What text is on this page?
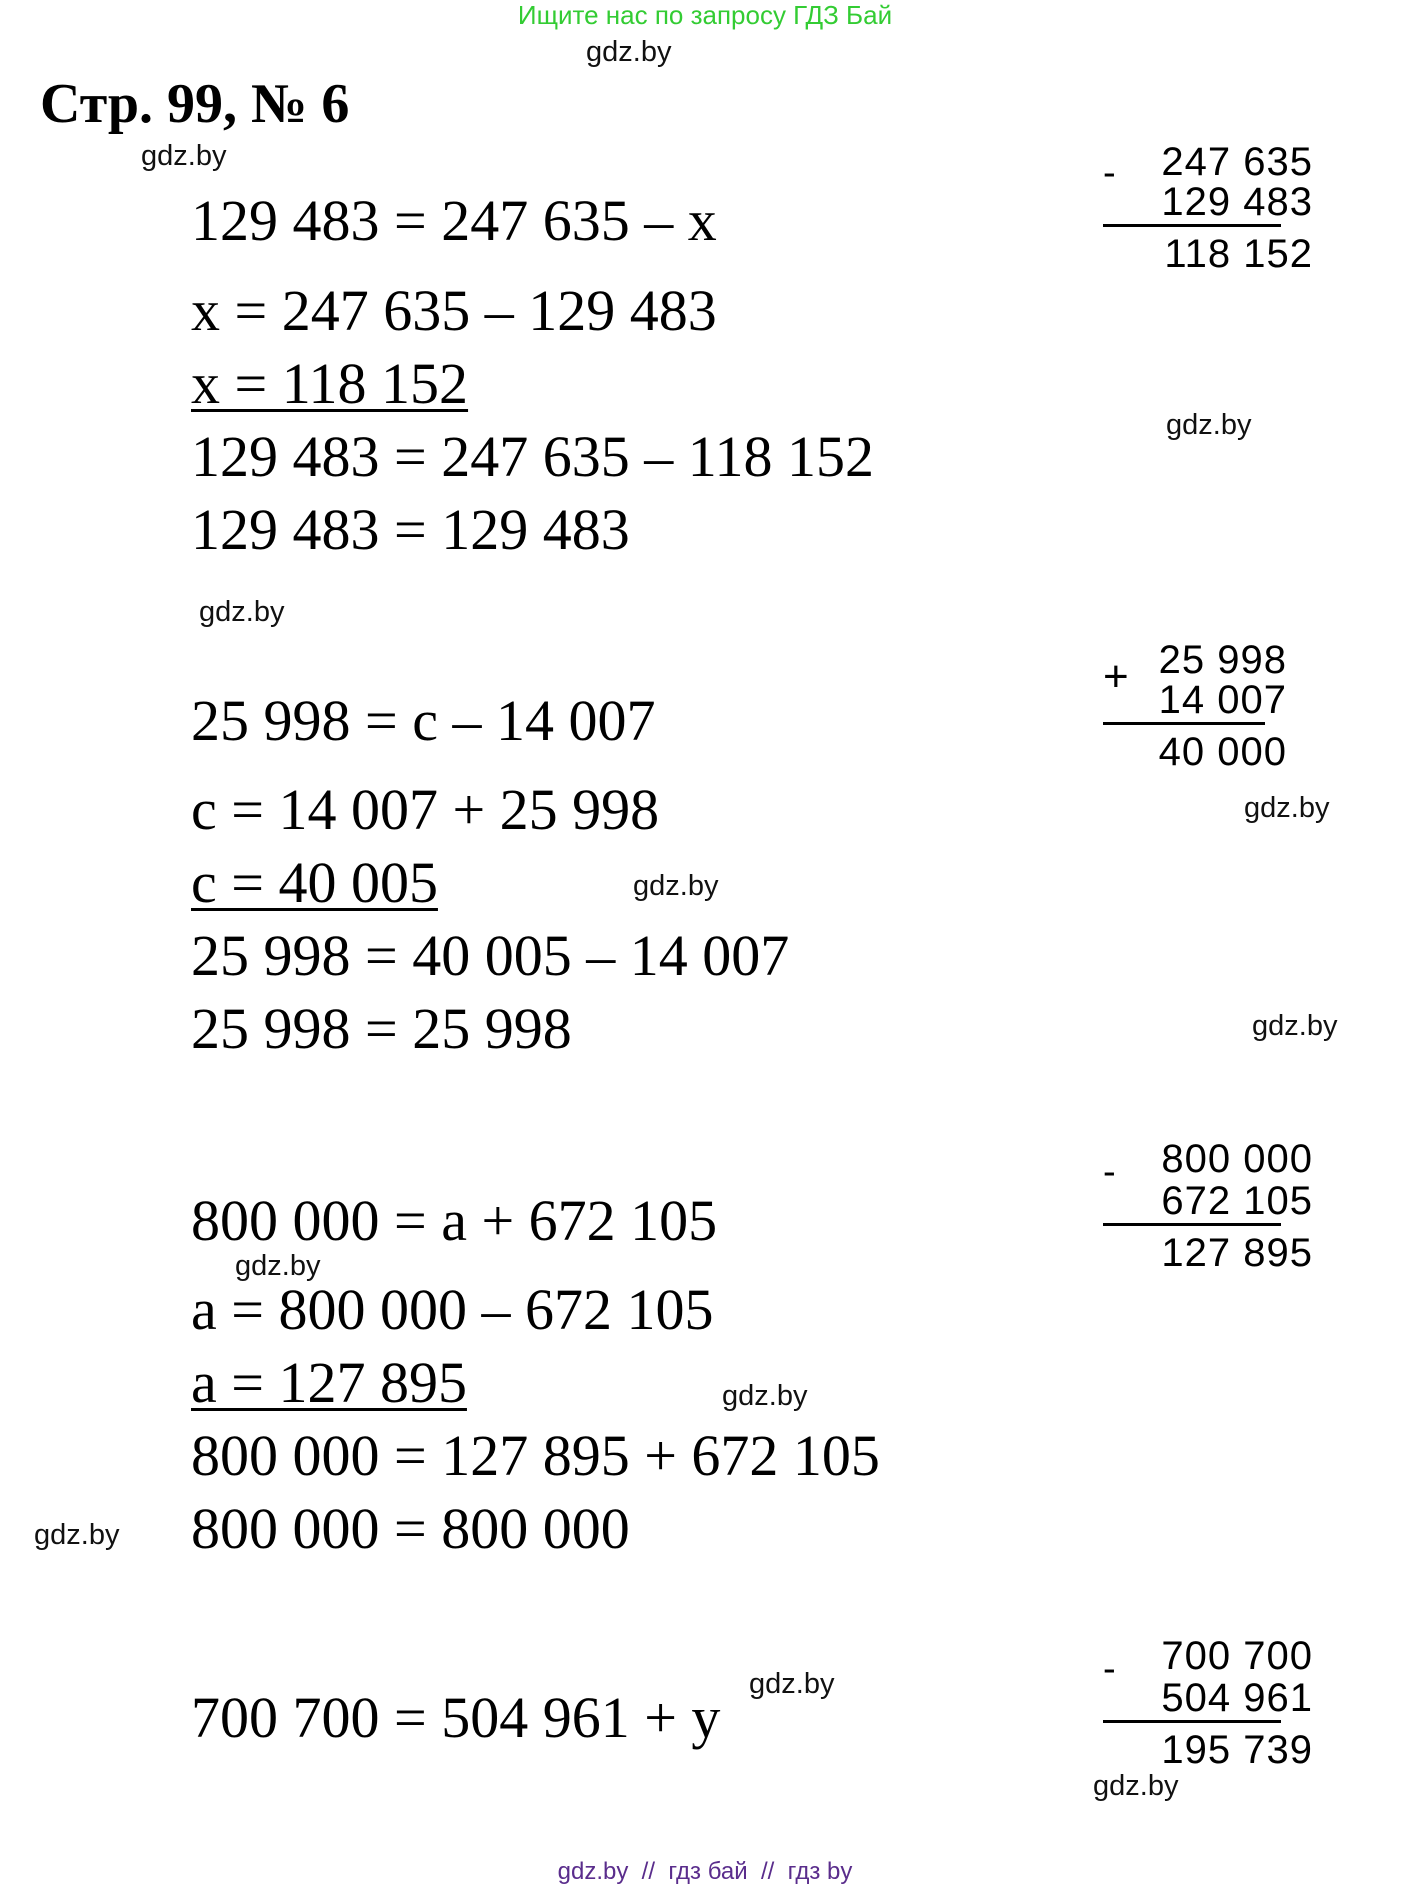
Ищите нас по запросу ГДЗ Бай
gdz.by
Стр. 99, № 6
gdz.by
129 483 = 247 635 – x
x = 247 635 – 129 483
x = 118 152
129 483 = 247 635 – 118 152
129 483 = 129 483
- 247 635
129 483
118 152
gdz.by
gdz.by
25 998 = c – 14 007
c = 14 007 + 25 998
c = 40 005
25 998 = 40 005 – 14 007
25 998 = 25 998
+ 25 998
14 007
40 000
gdz.by
gdz.by
gdz.by
800 000 = a + 672 105
gdz.by
a = 800 000 – 672 105
a = 127 895
800 000 = 127 895 + 672 105
800 000 = 800 000
- 800 000
672 105
127 895
gdz.by
gdz.by
700 700 = 504 961 + y
gdz.by	- 700 700
504 961
195 739
gdz.by
gdz.by  //  гдз бай  //  гдз by
